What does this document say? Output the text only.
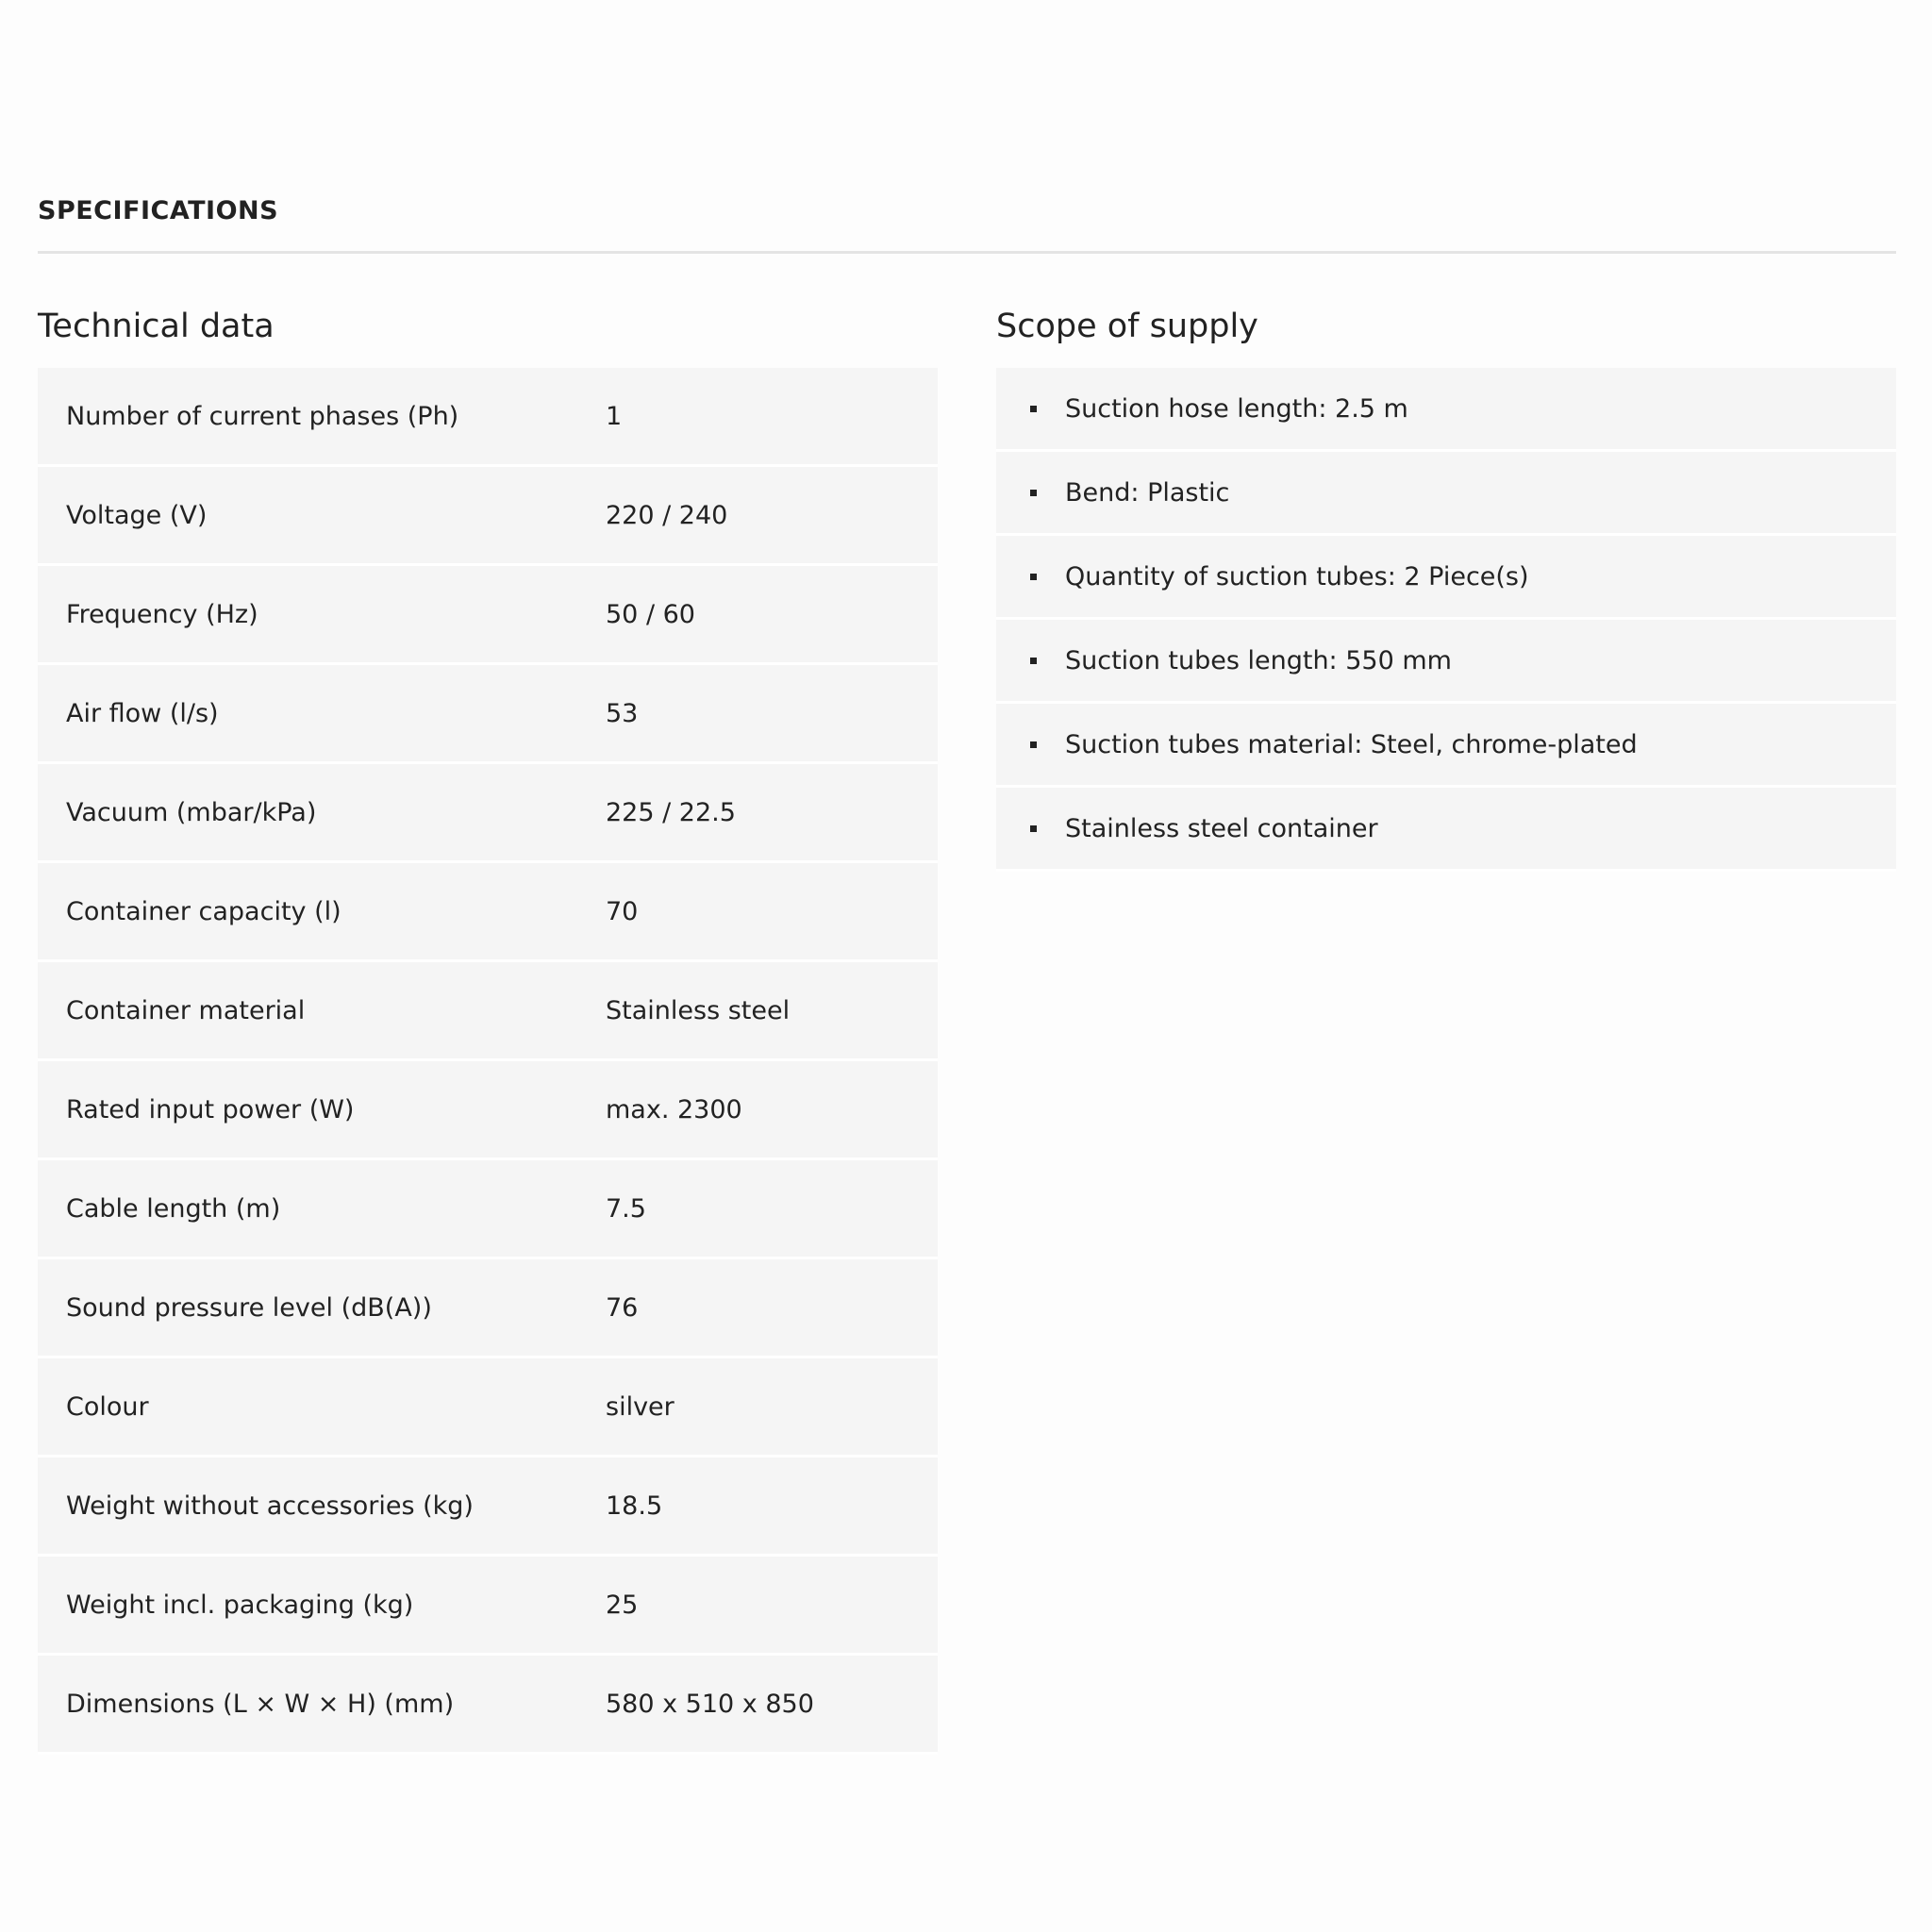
SPECIFICATIONS
Technical data
Number of current phases (Ph)	1
Voltage (V)	220 / 240
Frequency (Hz)	50 / 60
Air flow (l/s)	53
Vacuum (mbar/kPa)	225 / 22.5
Container capacity (l)	70
Container material	Stainless steel
Rated input power (W)	max. 2300
Cable length (m)	7.5
Sound pressure level (dB(A))	76
Colour	silver
Weight without accessories (kg)	18.5
Weight incl. packaging (kg)	25
Dimensions (L × W × H) (mm)	580 x 510 x 850
Scope of supply
Suction hose length: 2.5 m
Bend: Plastic
Quantity of suction tubes: 2 Piece(s)
Suction tubes length: 550 mm
Suction tubes material: Steel, chrome-plated
Stainless steel container
